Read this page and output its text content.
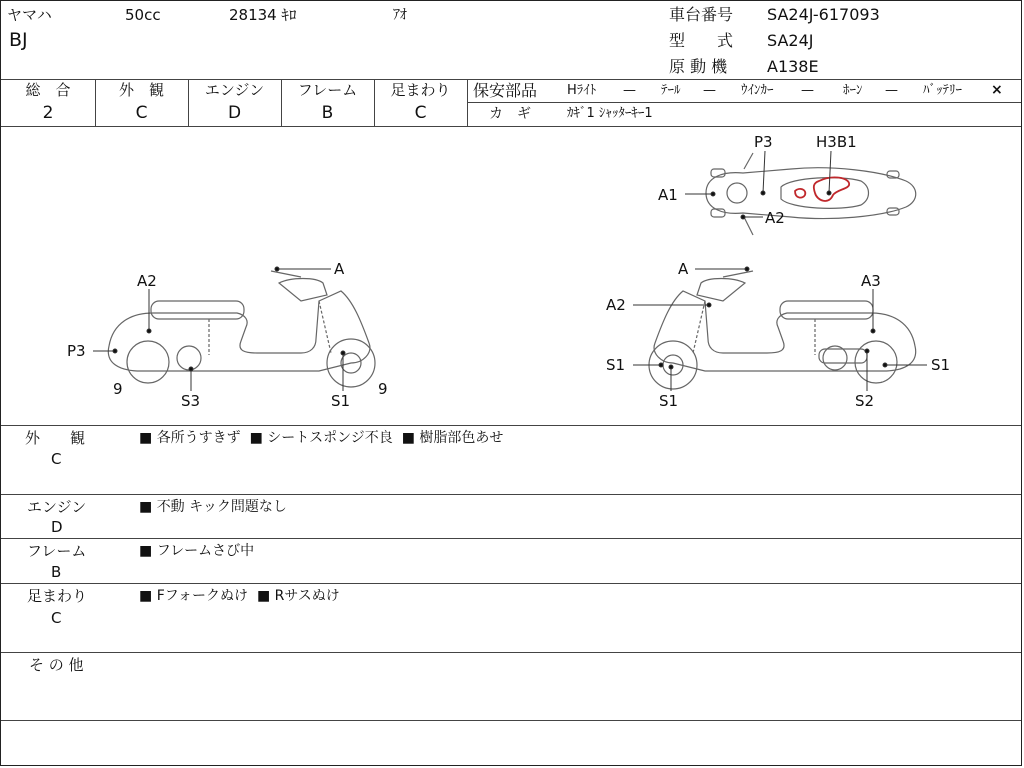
ヤマハ	50cc	28134 ｷﾛ	ｱｵ
BJ
車台番号 SA24J-617093
型　　式 SA24J
原 動 機 A138E
総　合
2
外　観
C
エンジン
D
フレーム
B
足まわり
C
保安部品 Hﾗｲﾄ — ﾃｰﾙ — ｳｲﾝｶｰ — ﾎｰﾝ — ﾊﾞｯﾃﾘｰ ×
カ　ギ	ｶｷﾞ1 ｼｬｯﾀｰｷｰ1
P3	H3B1
A1
A2
A
A2
P3
9
S3	S1
9
A
A2
A3
S1
S1
S1
S2
外　　観
C
■ 各所うすきず  ■ シートスポンジ不良  ■ 樹脂部色あせ
エンジン
D
■ 不動 キック問題なし
フレーム
B
■ フレームさび中
足まわり
C
■ Fフォークぬけ  ■ Rサスぬけ
そ の 他
